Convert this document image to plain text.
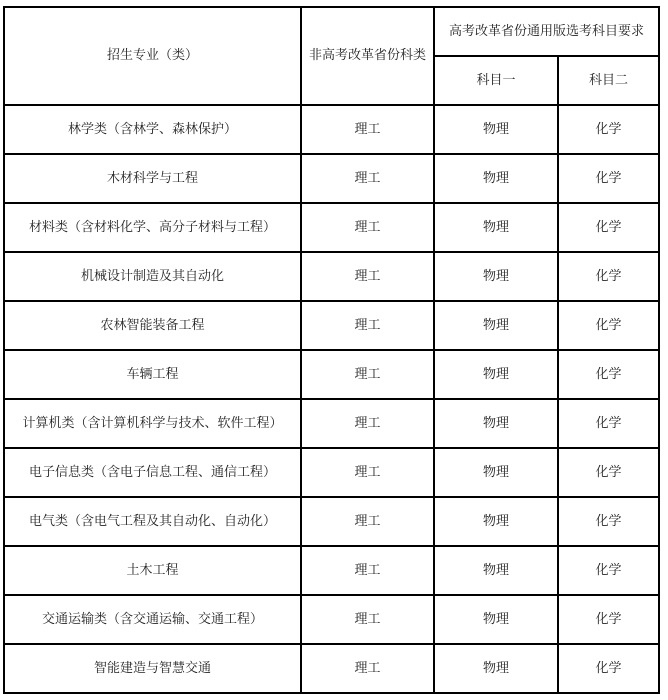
招生专业（类）	非高考改革省份科类	高考改革省份通用版选考科目要求	
		科目一	科目二
林学类（含林学、森林保护）	理工	物理	化学
木材科学与工程	理工	物理	化学
材料类（含材料化学、高分子材料与工程）	理工	物理	化学
机械设计制造及其自动化	理工	物理	化学
农林智能装备工程	理工	物理	化学
车辆工程	理工	物理	化学
计算机类（含计算机科学与技术、软件工程）	理工	物理	化学
电子信息类（含电子信息工程、通信工程）	理工	物理	化学
电气类（含电气工程及其自动化、自动化）	理工	物理	化学
土木工程	理工	物理	化学
交通运输类（含交通运输、交通工程）	理工	物理	化学
智能建造与智慧交通	理工	物理	化学
